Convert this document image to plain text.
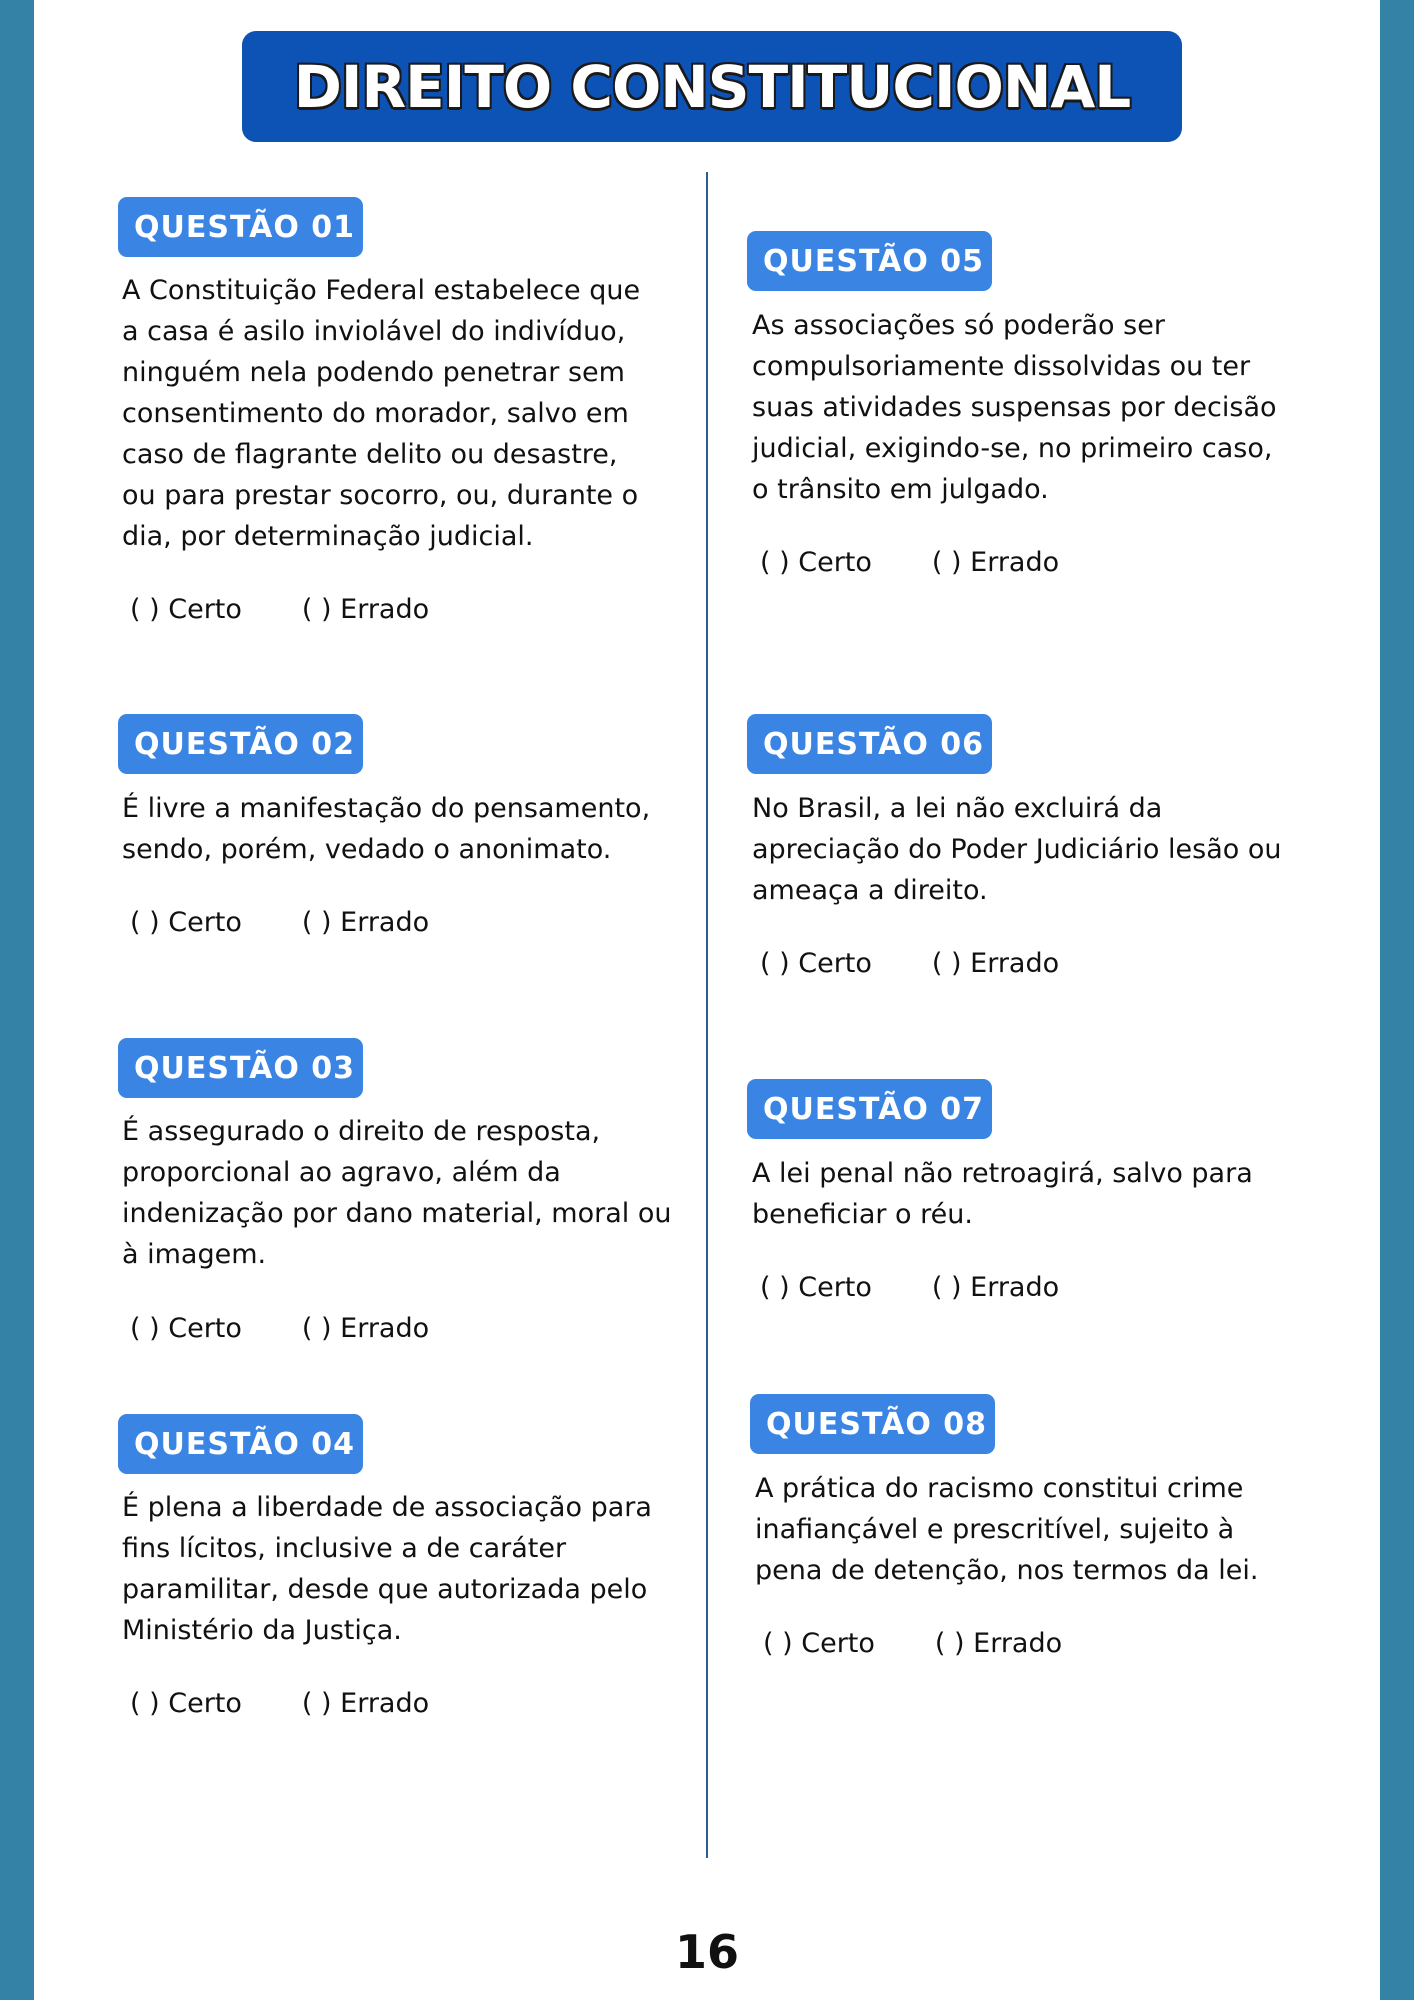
DIREITO CONSTITUCIONAL
QUESTÃO 01
A Constituição Federal estabelece que
a casa é asilo inviolável do indivíduo,
ninguém nela podendo penetrar sem
consentimento do morador, salvo em
caso de flagrante delito ou desastre,
ou para prestar socorro, ou, durante o
dia, por determinação judicial.
( ) Certo ( ) Errado
QUESTÃO 02
É livre a manifestação do pensamento,
sendo, porém, vedado o anonimato.
( ) Certo ( ) Errado
QUESTÃO 03
É assegurado o direito de resposta,
proporcional ao agravo, além da
indenização por dano material, moral ou
à imagem.
( ) Certo ( ) Errado
QUESTÃO 04
É plena a liberdade de associação para
fins lícitos, inclusive a de caráter
paramilitar, desde que autorizada pelo
Ministério da Justiça.
( ) Certo ( ) Errado
QUESTÃO 05
As associações só poderão ser
compulsoriamente dissolvidas ou ter
suas atividades suspensas por decisão
judicial, exigindo-se, no primeiro caso,
o trânsito em julgado.
( ) Certo ( ) Errado
QUESTÃO 06
No Brasil, a lei não excluirá da
apreciação do Poder Judiciário lesão ou
ameaça a direito.
( ) Certo ( ) Errado
QUESTÃO 07
A lei penal não retroagirá, salvo para
beneficiar o réu.
( ) Certo ( ) Errado
QUESTÃO 08
A prática do racismo constitui crime
inafiançável e prescritível, sujeito à
pena de detenção, nos termos da lei.
( ) Certo ( ) Errado
16
